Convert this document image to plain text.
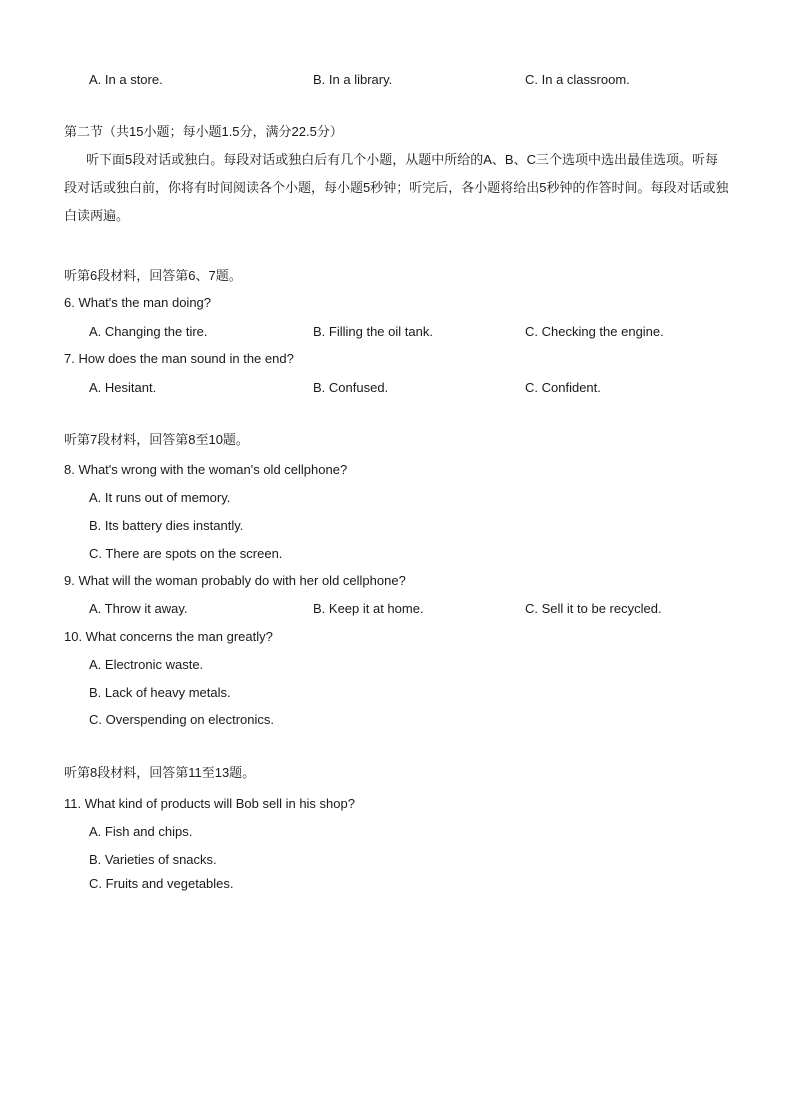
A. In a store.	B. In a library.	C. In a classroom.
第二节（共15小题；每小题1.5分，满分22.5分）
听下面5段对话或独白。每段对话或独白后有几个小题，从题中所给的A、B、C三个选项中选出最佳选项。听每段对话或独白前，你将有时间阅读各个小题，每小题5秒钟；听完后，各小题将给出5秒钟的作答时间。每段对话或独白读两遍。
听第6段材料，回答第6、7题。
6. What's the man doing?
A. Changing the tire.	B. Filling the oil tank.	C. Checking the engine.
7. How does the man sound in the end?
A. Hesitant.	B. Confused.	C. Confident.
听第7段材料，回答第8至10题。
8. What's wrong with the woman's old cellphone?
A. It runs out of memory.
B. Its battery dies instantly.
C. There are spots on the screen.
9. What will the woman probably do with her old cellphone?
A. Throw it away.	B. Keep it at home.	C. Sell it to be recycled.
10. What concerns the man greatly?
A. Electronic waste.
B. Lack of heavy metals.
C. Overspending on electronics.
听第8段材料，回答第11至13题。
11. What kind of products will Bob sell in his shop?
A. Fish and chips.
B. Varieties of snacks.
C. Fruits and vegetables.
